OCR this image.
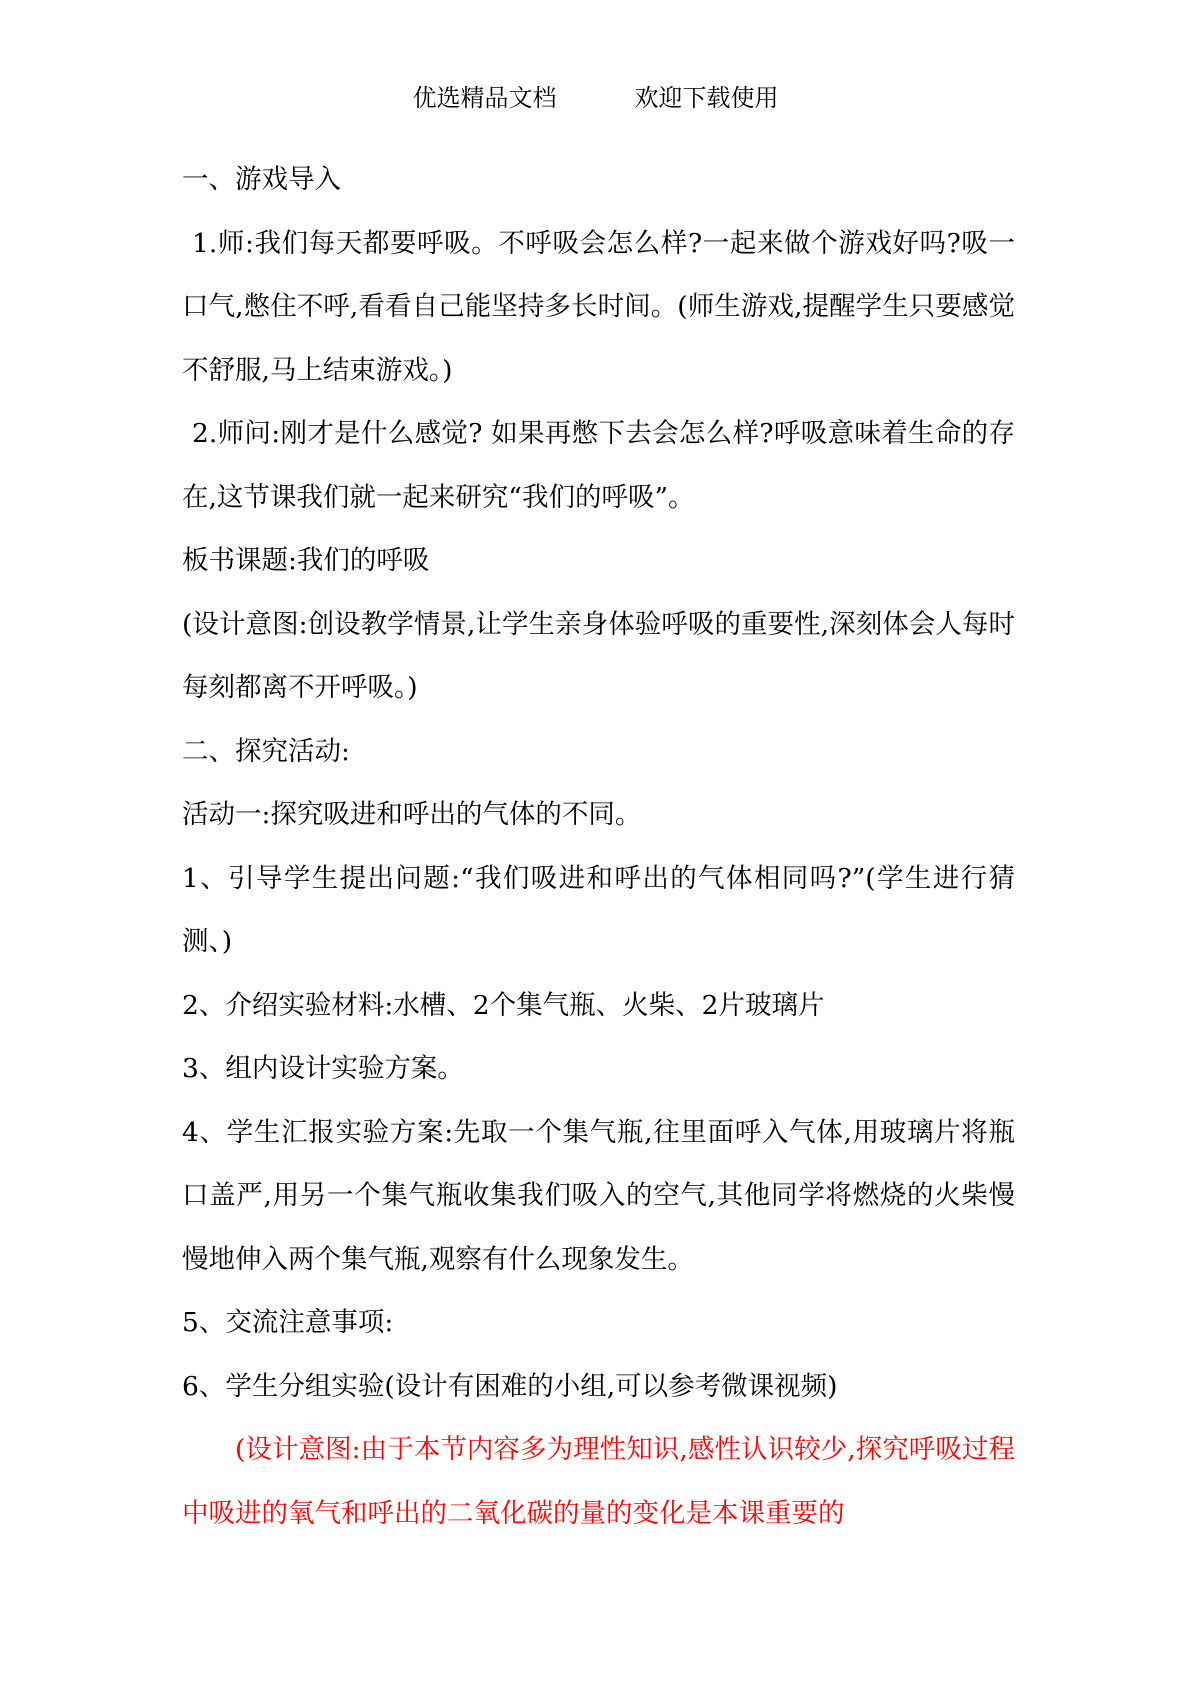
优选精品文档	欢迎下载使用

一、游戏导入

1.师:我们每天都要呼吸。不呼吸会怎么样?一起来做个游戏好吗?吸一口气,憋住不呼,看看自己能坚持多长时间。(师生游戏,提醒学生只要感觉不舒服,马上结束游戏。)

2.师问:刚才是什么感觉? 如果再憋下去会怎么样?呼吸意味着生命的存在,这节课我们就一起来研究“我们的呼吸”。

板书课题:我们的呼吸

(设计意图:创设教学情景,让学生亲身体验呼吸的重要性,深刻体会人每时每刻都离不开呼吸。)

二、探究活动:

活动一:探究吸进和呼出的气体的不同。

1、引导学生提出问题:“我们吸进和呼出的气体相同吗?”(学生进行猜测、)

2、介绍实验材料:水槽、2个集气瓶、火柴、2片玻璃片

3、组内设计实验方案。

4、学生汇报实验方案:先取一个集气瓶,往里面呼入气体,用玻璃片将瓶口盖严,用另一个集气瓶收集我们吸入的空气,其他同学将燃烧的火柴慢慢地伸入两个集气瓶,观察有什么现象发生。

5、交流注意事项:

6、学生分组实验(设计有困难的小组,可以参考微课视频)

(设计意图:由于本节内容多为理性知识,感性认识较少,探究呼吸过程中吸进的氧气和呼出的二氧化碳的量的变化是本课重要的
